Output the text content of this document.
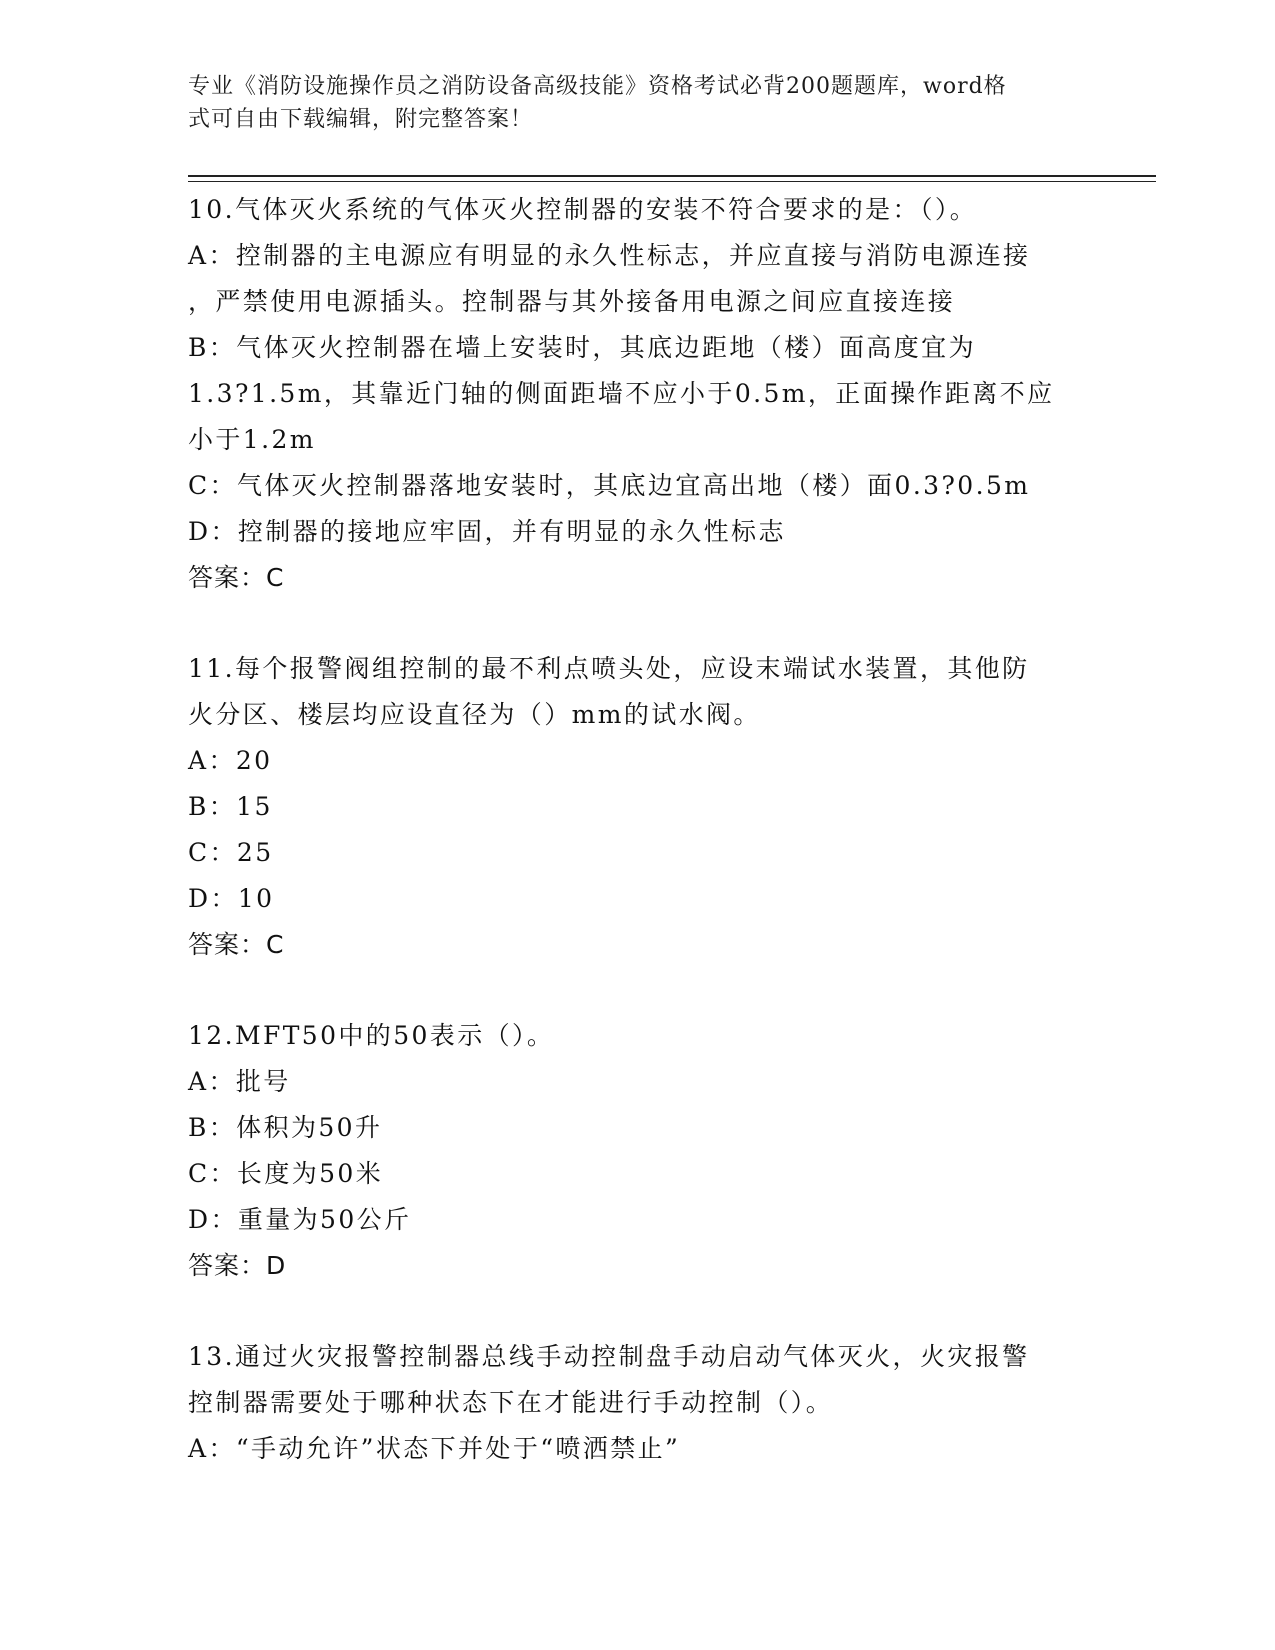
专业《消防设施操作员之消防设备高级技能》资格考试必背200题题库，word格
式可自由下载编辑，附完整答案！
10.气体灭火系统的气体灭火控制器的安装不符合要求的是：（）。
A：控制器的主电源应有明显的永久性标志，并应直接与消防电源连接
，严禁使用电源插头。控制器与其外接备用电源之间应直接连接
B：气体灭火控制器在墙上安装时，其底边距地（楼）面高度宜为
1.3?1.5m，其靠近门轴的侧面距墙不应小于0.5m，正面操作距离不应
小于1.2m
C：气体灭火控制器落地安装时，其底边宜高出地（楼）面0.3?0.5m
D：控制器的接地应牢固，并有明显的永久性标志
答案：C
11.每个报警阀组控制的最不利点喷头处，应设末端试水装置，其他防
火分区、楼层均应设直径为（）mm的试水阀。
A：20
B：15
C：25
D：10
答案：C
12.MFT50中的50表示（）。
A：批号
B：体积为50升
C：长度为50米
D：重量为50公斤
答案：D
13.通过火灾报警控制器总线手动控制盘手动启动气体灭火，火灾报警
控制器需要处于哪种状态下在才能进行手动控制（）。
A：“手动允许”状态下并处于“喷洒禁止”
